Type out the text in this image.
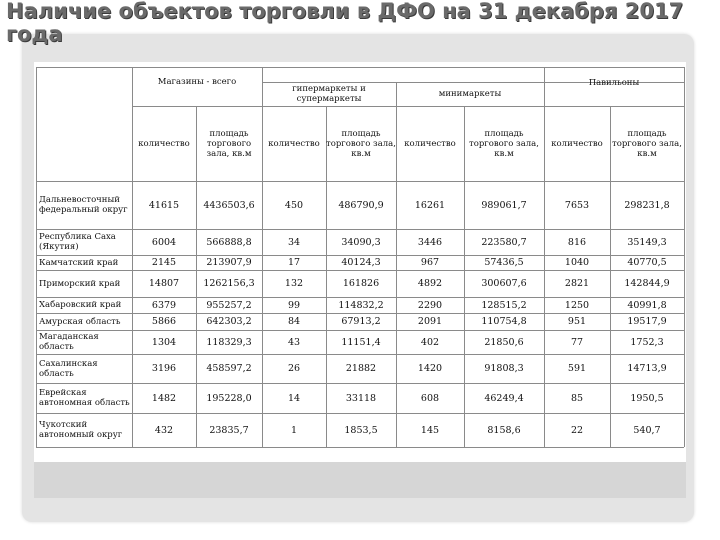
Наличие объектов торговли в ДФО на 31 декабря 2017 года
Магазины - всего
гипермаркеты и супермаркеты	минимаркеты
Павильоны
количество
площадь торгового зала, кв.м
количество
площадь торгового зала, кв.м
количество
площадь торгового зала, кв.м
количество
площадь торгового зала, кв.м
Дальневосточный федеральный округ	41615	4436503,6	450	486790,9	16261	989061,7	7653	298231,8
Республика Саха (Якутия)	6004	566888,8	34	34090,3	3446	223580,7	816	35149,3
Камчатский край	2145	213907,9	17	40124,3	967	57436,5	1040	40770,5
Приморский край	14807	1262156,3	132	161826	4892	300607,6	2821	142844,9
Хабаровский край	6379	955257,2	99	114832,2	2290	128515,2	1250	40991,8
Амурская область	5866	642303,2	84	67913,2	2091	110754,8	951	19517,9
Магаданская область	1304	118329,3	43	11151,4	402	21850,6	77	1752,3
Сахалинская область	3196	458597,2	26	21882	1420	91808,3	591	14713,9
Еврейская автономная область	1482	195228,0	14	33118	608	46249,4	85	1950,5
Чукотский автономный округ	432	23835,7	1	1853,5	145	8158,6	22	540,7
